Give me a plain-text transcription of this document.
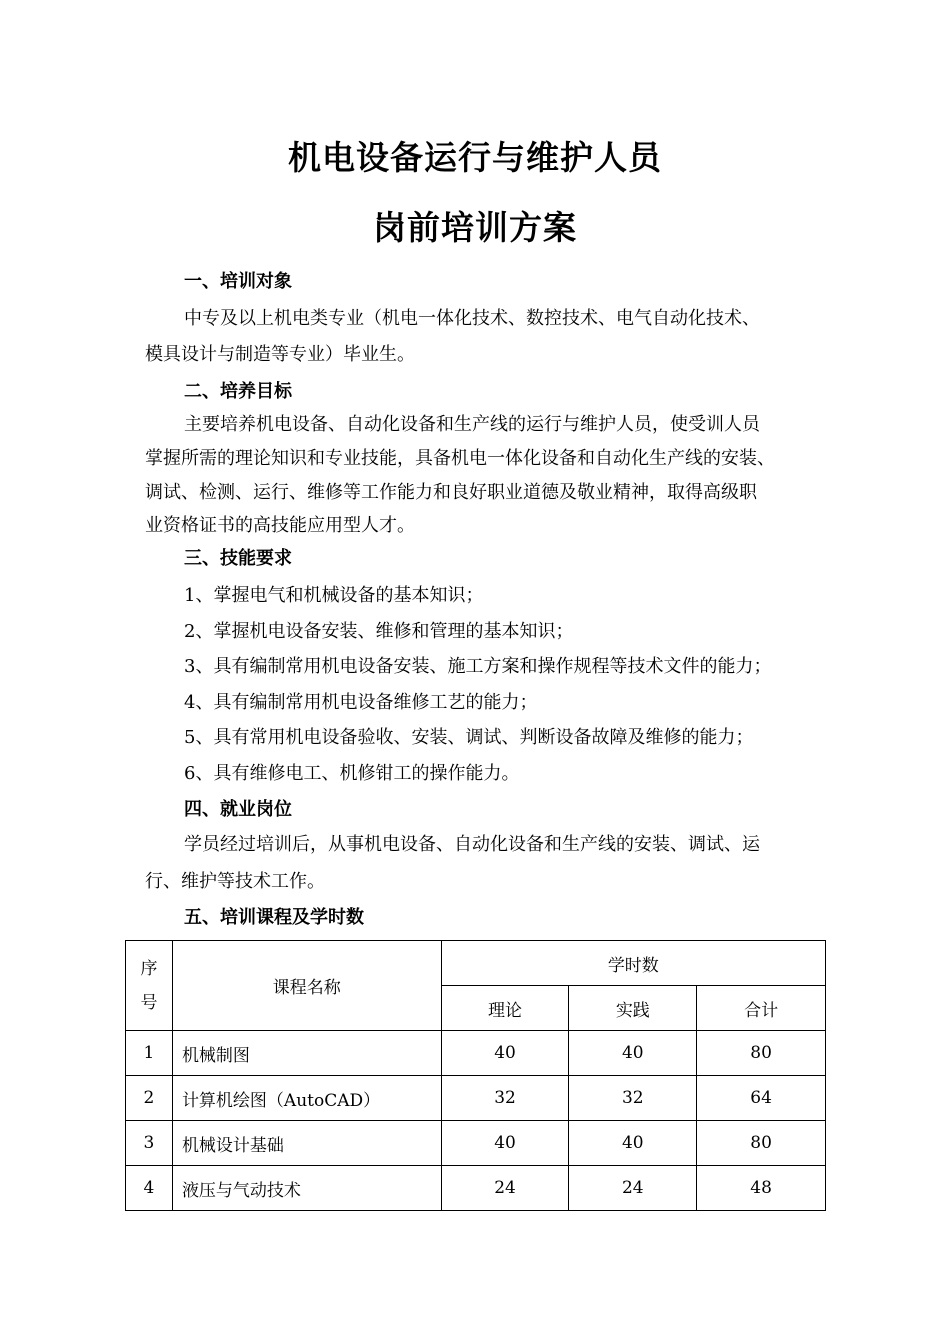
机电设备运行与维护人员
岗前培训方案
一、培训对象
中专及以上机电类专业（机电一体化技术、数控技术、电气自动化技术、
模具设计与制造等专业）毕业生。
二、培养目标
主要培养机电设备、自动化设备和生产线的运行与维护人员，使受训人员
掌握所需的理论知识和专业技能，具备机电一体化设备和自动化生产线的安装、
调试、检测、运行、维修等工作能力和良好职业道德及敬业精神，取得高级职
业资格证书的高技能应用型人才。
三、技能要求
1、掌握电气和机械设备的基本知识；
2、掌握机电设备安装、维修和管理的基本知识；
3、具有编制常用机电设备安装、施工方案和操作规程等技术文件的能力；
4、具有编制常用机电设备维修工艺的能力；
5、具有常用机电设备验收、安装、调试、判断设备故障及维修的能力；
6、具有维修电工、机修钳工的操作能力。
四、就业岗位
学员经过培训后，从事机电设备、自动化设备和生产线的安装、调试、运
行、维护等技术工作。
五、培训课程及学时数
序
号	课程名称	学时数		
		理论	实践	合计
1	机械制图	40	40	80
2	计算机绘图（AutoCAD）	32	32	64
3	机械设计基础	40	40	80
4	液压与气动技术	24	24	48
